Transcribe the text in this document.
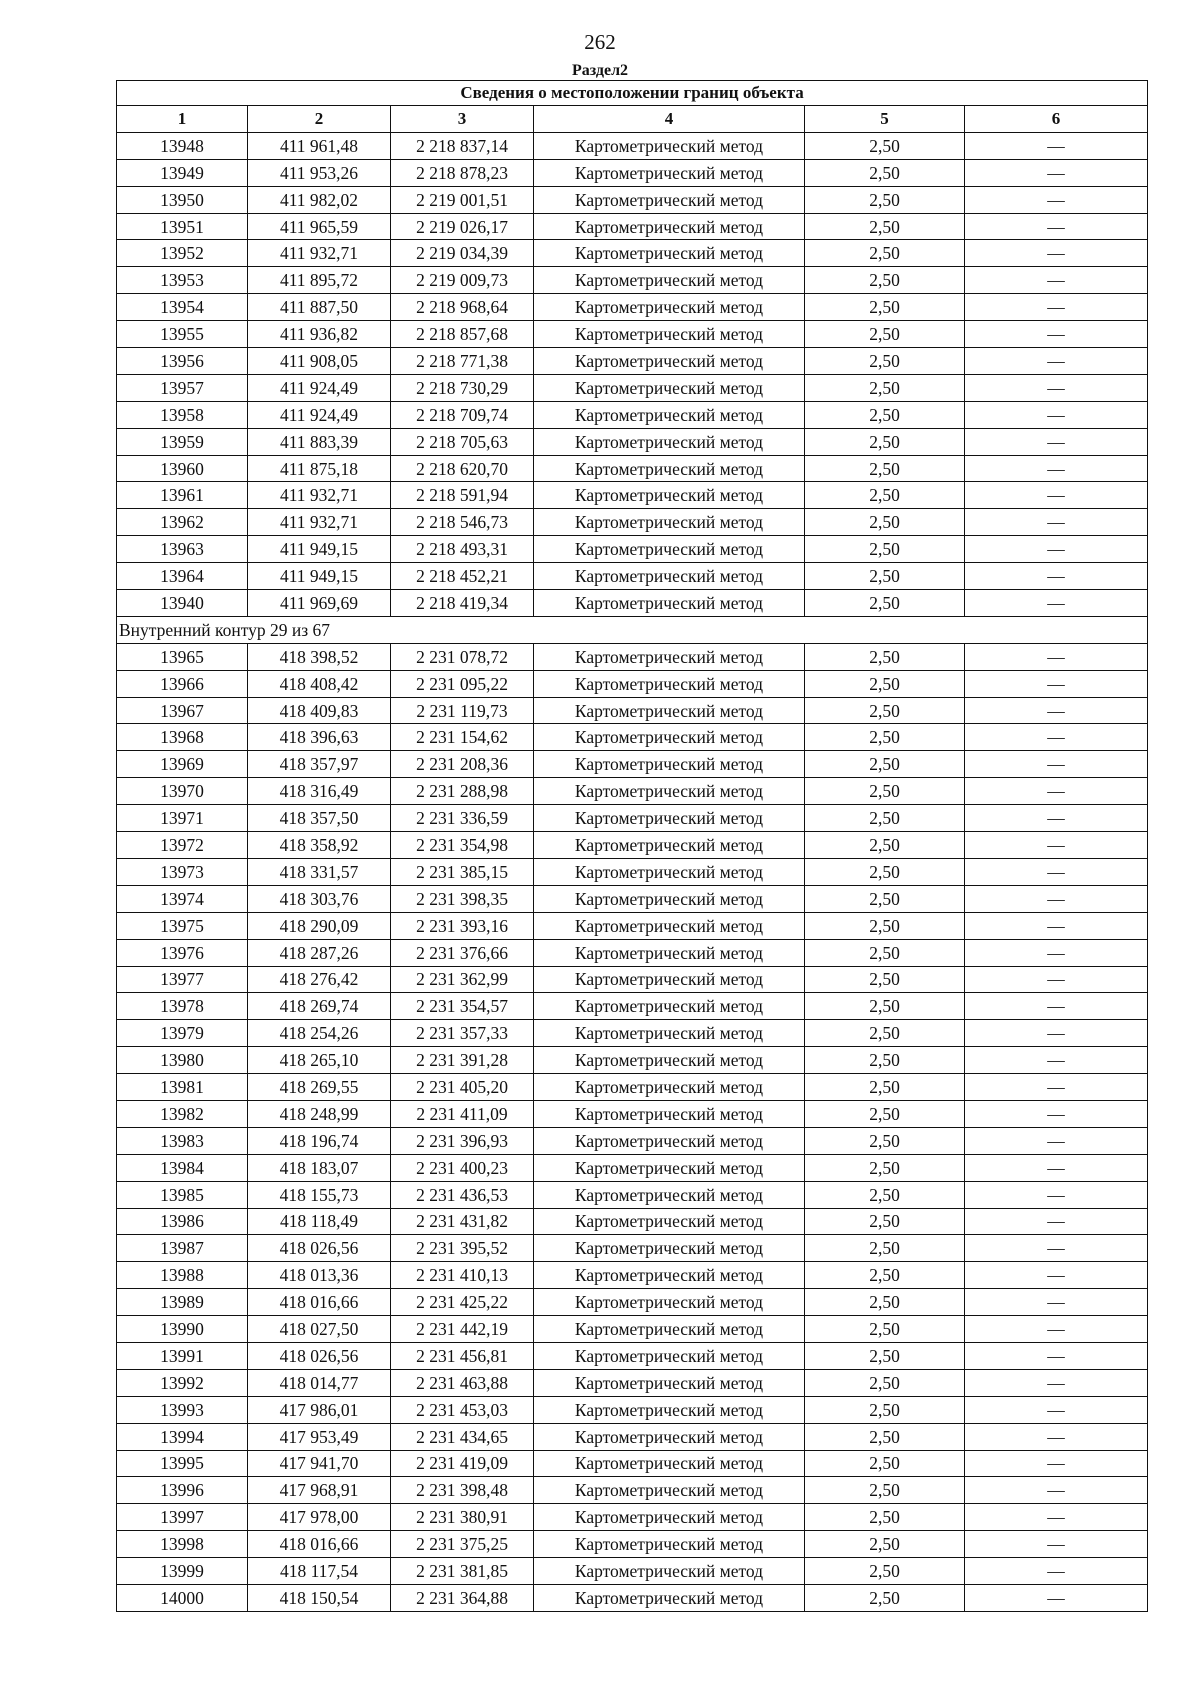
262
Раздел2
Сведения о местоположении границ объекта					
1	2	3	4	5	6
13948	411 961,48	2 218 837,14	Картометрический метод	2,50	—
13949	411 953,26	2 218 878,23	Картометрический метод	2,50	—
13950	411 982,02	2 219 001,51	Картометрический метод	2,50	—
13951	411 965,59	2 219 026,17	Картометрический метод	2,50	—
13952	411 932,71	2 219 034,39	Картометрический метод	2,50	—
13953	411 895,72	2 219 009,73	Картометрический метод	2,50	—
13954	411 887,50	2 218 968,64	Картометрический метод	2,50	—
13955	411 936,82	2 218 857,68	Картометрический метод	2,50	—
13956	411 908,05	2 218 771,38	Картометрический метод	2,50	—
13957	411 924,49	2 218 730,29	Картометрический метод	2,50	—
13958	411 924,49	2 218 709,74	Картометрический метод	2,50	—
13959	411 883,39	2 218 705,63	Картометрический метод	2,50	—
13960	411 875,18	2 218 620,70	Картометрический метод	2,50	—
13961	411 932,71	2 218 591,94	Картометрический метод	2,50	—
13962	411 932,71	2 218 546,73	Картометрический метод	2,50	—
13963	411 949,15	2 218 493,31	Картометрический метод	2,50	—
13964	411 949,15	2 218 452,21	Картометрический метод	2,50	—
13940	411 969,69	2 218 419,34	Картометрический метод	2,50	—
Внутренний контур 29 из 67					
13965	418 398,52	2 231 078,72	Картометрический метод	2,50	—
13966	418 408,42	2 231 095,22	Картометрический метод	2,50	—
13967	418 409,83	2 231 119,73	Картометрический метод	2,50	—
13968	418 396,63	2 231 154,62	Картометрический метод	2,50	—
13969	418 357,97	2 231 208,36	Картометрический метод	2,50	—
13970	418 316,49	2 231 288,98	Картометрический метод	2,50	—
13971	418 357,50	2 231 336,59	Картометрический метод	2,50	—
13972	418 358,92	2 231 354,98	Картометрический метод	2,50	—
13973	418 331,57	2 231 385,15	Картометрический метод	2,50	—
13974	418 303,76	2 231 398,35	Картометрический метод	2,50	—
13975	418 290,09	2 231 393,16	Картометрический метод	2,50	—
13976	418 287,26	2 231 376,66	Картометрический метод	2,50	—
13977	418 276,42	2 231 362,99	Картометрический метод	2,50	—
13978	418 269,74	2 231 354,57	Картометрический метод	2,50	—
13979	418 254,26	2 231 357,33	Картометрический метод	2,50	—
13980	418 265,10	2 231 391,28	Картометрический метод	2,50	—
13981	418 269,55	2 231 405,20	Картометрический метод	2,50	—
13982	418 248,99	2 231 411,09	Картометрический метод	2,50	—
13983	418 196,74	2 231 396,93	Картометрический метод	2,50	—
13984	418 183,07	2 231 400,23	Картометрический метод	2,50	—
13985	418 155,73	2 231 436,53	Картометрический метод	2,50	—
13986	418 118,49	2 231 431,82	Картометрический метод	2,50	—
13987	418 026,56	2 231 395,52	Картометрический метод	2,50	—
13988	418 013,36	2 231 410,13	Картометрический метод	2,50	—
13989	418 016,66	2 231 425,22	Картометрический метод	2,50	—
13990	418 027,50	2 231 442,19	Картометрический метод	2,50	—
13991	418 026,56	2 231 456,81	Картометрический метод	2,50	—
13992	418 014,77	2 231 463,88	Картометрический метод	2,50	—
13993	417 986,01	2 231 453,03	Картометрический метод	2,50	—
13994	417 953,49	2 231 434,65	Картометрический метод	2,50	—
13995	417 941,70	2 231 419,09	Картометрический метод	2,50	—
13996	417 968,91	2 231 398,48	Картометрический метод	2,50	—
13997	417 978,00	2 231 380,91	Картометрический метод	2,50	—
13998	418 016,66	2 231 375,25	Картометрический метод	2,50	—
13999	418 117,54	2 231 381,85	Картометрический метод	2,50	—
14000	418 150,54	2 231 364,88	Картометрический метод	2,50	—
